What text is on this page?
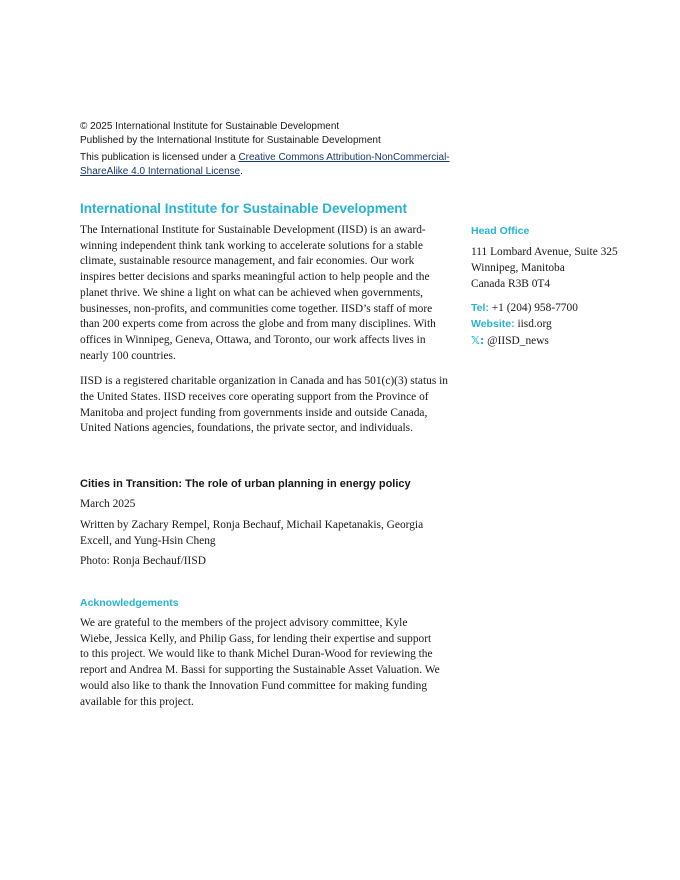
© 2025 International Institute for Sustainable Development

Published by the International Institute for Sustainable Development

This publication is licensed under a Creative Commons Attribution-NonCommercial-ShareAlike 4.0 International License.

International Institute for Sustainable Development

The International Institute for Sustainable Development (IISD) is an award-winning independent think tank working to accelerate solutions for a stable climate, sustainable resource management, and fair economies. Our work inspires better decisions and sparks meaningful action to help people and the planet thrive. We shine a light on what can be achieved when governments, businesses, non-profits, and communities come together. IISD’s staff of more than 200 experts come from across the globe and from many disciplines. With offices in Winnipeg, Geneva, Ottawa, and Toronto, our work affects lives in nearly 100 countries.

IISD is a registered charitable organization in Canada and has 501(c)(3) status in the United States. IISD receives core operating support from the Province of Manitoba and project funding from governments inside and outside Canada, United Nations agencies, foundations, the private sector, and individuals.

Cities in Transition: The role of urban planning in energy policy

March 2025

Written by Zachary Rempel, Ronja Bechauf, Michail Kapetanakis, Georgia Excell, and Yung-Hsin Cheng

Photo: Ronja Bechauf/IISD

Acknowledgements

We are grateful to the members of the project advisory committee, Kyle Wiebe, Jessica Kelly, and Philip Gass, for lending their expertise and support to this project. We would like to thank Michel Duran-Wood for reviewing the report and Andrea M. Bassi for supporting the Sustainable Asset Valuation. We would also like to thank the Innovation Fund committee for making funding available for this project.

Head Office
111 Lombard Avenue, Suite 325
Winnipeg, Manitoba
Canada R3B 0T4
Tel: +1 (204) 958-7700
Website: iisd.org
𝕏: @IISD_news
